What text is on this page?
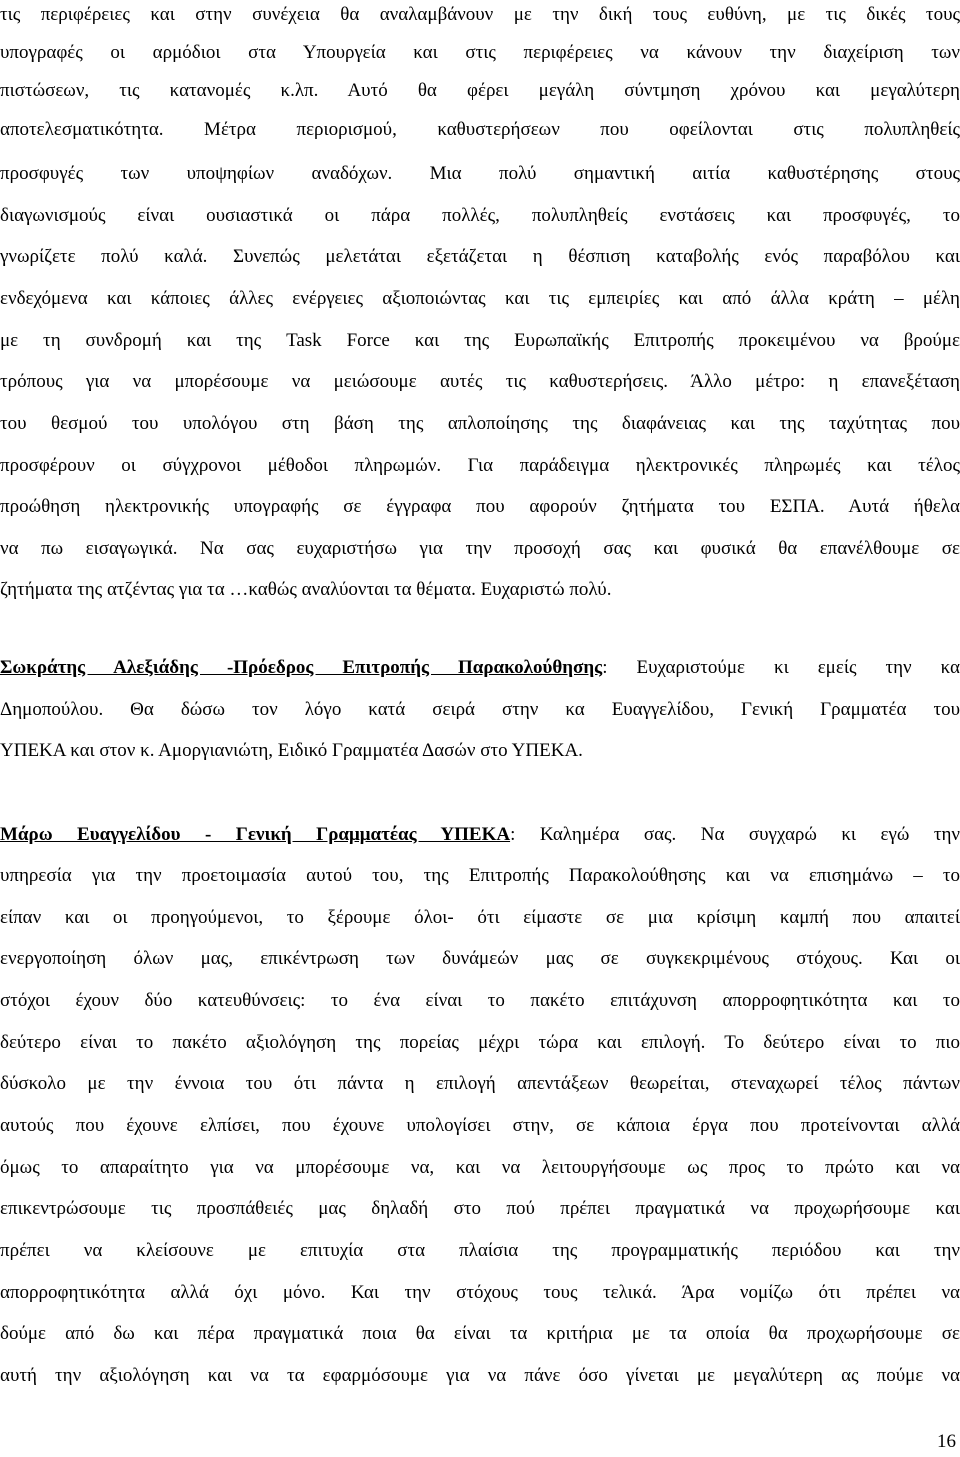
τις περιφέρειες και στην συνέχεια θα αναλαμβάνουν με την δική τους ευθύνη, με τις δικές τους
υπογραφές οι αρμόδιοι στα Υπουργεία και στις περιφέρειες να κάνουν την διαχείριση των
πιστώσεων, τις κατανομές κ.λπ. Αυτό θα φέρει μεγάλη σύντμηση χρόνου και μεγαλύτερη
αποτελεσματικότητα. Μέτρα περιορισμού, καθυστερήσεων που οφείλονται στις πολυπληθείς
προσφυγές των υποψηφίων αναδόχων. Μια πολύ σημαντική αιτία καθυστέρησης στους
διαγωνισμούς είναι ουσιαστικά οι πάρα πολλές, πολυπληθείς ενστάσεις και προσφυγές, το
γνωρίζετε πολύ καλά. Συνεπώς μελετάται εξετάζεται η θέσπιση καταβολής ενός παραβόλου και
ενδεχόμενα και κάποιες άλλες ενέργειες αξιοποιώντας και τις εμπειρίες και από άλλα κράτη – μέλη
με τη συνδρομή και της Task Force και της Ευρωπαϊκής Επιτροπής προκειμένου να βρούμε
τρόπους για να μπορέσουμε να μειώσουμε αυτές τις καθυστερήσεις. Άλλο μέτρο: η επανεξέταση
του θεσμού του υπολόγου στη βάση της απλοποίησης της διαφάνειας και της ταχύτητας που
προσφέρουν οι σύγχρονοι μέθοδοι πληρωμών. Για παράδειγμα ηλεκτρονικές πληρωμές και τέλος
προώθηση ηλεκτρονικής υπογραφής σε έγγραφα που αφορούν ζητήματα του ΕΣΠΑ. Αυτά ήθελα
να πω εισαγωγικά. Να σας ευχαριστήσω για την προσοχή σας και φυσικά θα επανέλθουμε σε
ζητήματα της ατζέντας για τα …καθώς αναλύονται τα θέματα. Ευχαριστώ πολύ.
Σωκράτης Αλεξιάδης -Πρόεδρος Επιτροπής Παρακολούθησης: Ευχαριστούμε κι εμείς την κα
Δημοπούλου. Θα δώσω τον λόγο κατά σειρά στην κα Ευαγγελίδου, Γενική Γραμματέα του
ΥΠΕΚΑ και στον κ. Αμοργιανιώτη, Ειδικό Γραμματέα Δασών στο ΥΠΕΚΑ.
Μάρω Ευαγγελίδου - Γενική Γραμματέας ΥΠΕΚΑ: Καλημέρα σας. Να συγχαρώ κι εγώ την
υπηρεσία για την προετοιμασία αυτού του, της Επιτροπής Παρακολούθησης και να επισημάνω – το
είπαν και οι προηγούμενοι, το ξέρουμε όλοι- ότι είμαστε σε μια κρίσιμη καμπή που απαιτεί
ενεργοποίηση όλων μας, επικέντρωση των δυνάμεών μας σε συγκεκριμένους στόχους. Και οι
στόχοι έχουν δύο κατευθύνσεις: το ένα είναι το πακέτο επιτάχυνση απορροφητικότητα και το
δεύτερο είναι το πακέτο αξιολόγηση της πορείας μέχρι τώρα και επιλογή. Το δεύτερο είναι το πιο
δύσκολο με την έννοια του ότι πάντα η επιλογή απεντάξεων θεωρείται, στεναχωρεί τέλος πάντων
αυτούς που έχουνε ελπίσει, που έχουνε υπολογίσει στην, σε κάποια έργα που προτείνονται αλλά
όμως το απαραίτητο για να μπορέσουμε να, και να λειτουργήσουμε ως προς το πρώτο και να
επικεντρώσουμε τις προσπάθειές μας δηλαδή στο πού πρέπει πραγματικά να προχωρήσουμε και
πρέπει να κλείσουνε με επιτυχία στα πλαίσια της προγραμματικής περιόδου και την
απορροφητικότητα αλλά όχι μόνο. Και την στόχους τους τελικά. Άρα νομίζω ότι πρέπει να
δούμε από δω και πέρα πραγματικά ποια θα είναι τα κριτήρια με τα οποία θα προχωρήσουμε σε
αυτή την αξιολόγηση και να τα εφαρμόσουμε για να πάνε όσο γίνεται με μεγαλύτερη ας πούμε να
16
